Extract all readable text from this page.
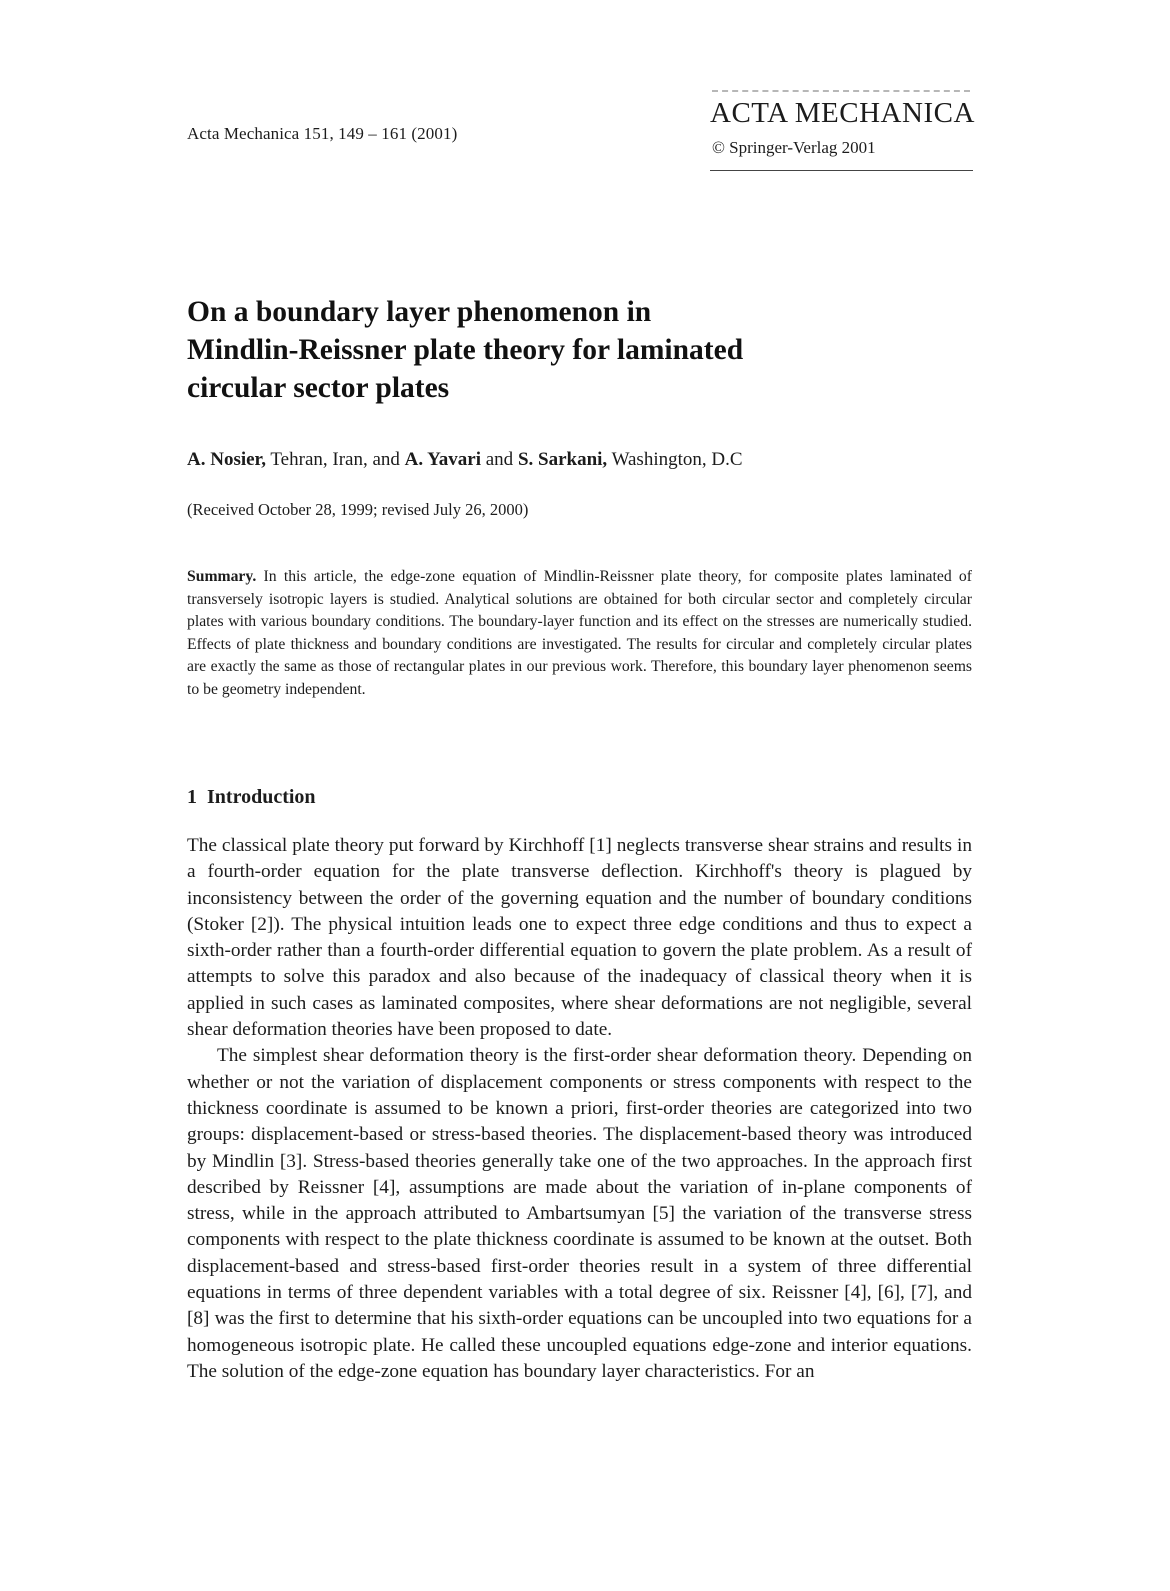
Acta Mechanica 151, 149 – 161 (2001)
ACTA MECHANICA
© Springer-Verlag 2001
On a boundary layer phenomenon in
Mindlin-Reissner plate theory for laminated
circular sector plates
A. Nosier, Tehran, Iran, and A. Yavari and S. Sarkani, Washington, D.C
(Received October 28, 1999; revised July 26, 2000)

Summary. In this article, the edge-zone equation of Mindlin-Reissner plate theory, for composite plates laminated of transversely isotropic layers is studied. Analytical solutions are obtained for both circular sector and completely circular plates with various boundary conditions. The boundary-layer function and its effect on the stresses are numerically studied. Effects of plate thickness and boundary conditions are investigated. The results for circular and completely circular plates are exactly the same as those of rectangular plates in our previous work. Therefore, this boundary layer phenomenon seems to be geometry independent.

1 Introduction

The classical plate theory put forward by Kirchhoff [1] neglects transverse shear strains and results in a fourth-order equation for the plate transverse deflection. Kirchhoff's theory is plagued by inconsistency between the order of the governing equation and the number of boundary conditions (Stoker [2]). The physical intuition leads one to expect three edge conditions and thus to expect a sixth-order rather than a fourth-order differential equation to govern the plate problem. As a result of attempts to solve this paradox and also because of the inadequacy of classical theory when it is applied in such cases as laminated composites, where shear deformations are not negligible, several shear deformation theories have been proposed to date.

The simplest shear deformation theory is the first-order shear deformation theory. Depending on whether or not the variation of displacement components or stress components with respect to the thickness coordinate is assumed to be known a priori, first-order theories are categorized into two groups: displacement-based or stress-based theories. The displacement-based theory was introduced by Mindlin [3]. Stress-based theories generally take one of the two approaches. In the approach first described by Reissner [4], assumptions are made about the variation of in-plane components of stress, while in the approach attributed to Ambartsumyan [5] the variation of the transverse stress components with respect to the plate thickness coordinate is assumed to be known at the outset. Both displacement-based and stress-based first-order theories result in a system of three differential equations in terms of three dependent variables with a total degree of six. Reissner [4], [6], [7], and [8] was the first to determine that his sixth-order equations can be uncoupled into two equations for a homogeneous isotropic plate. He called these uncoupled equations edge-zone and interior equations. The solution of the edge-zone equation has boundary layer characteristics. For an
